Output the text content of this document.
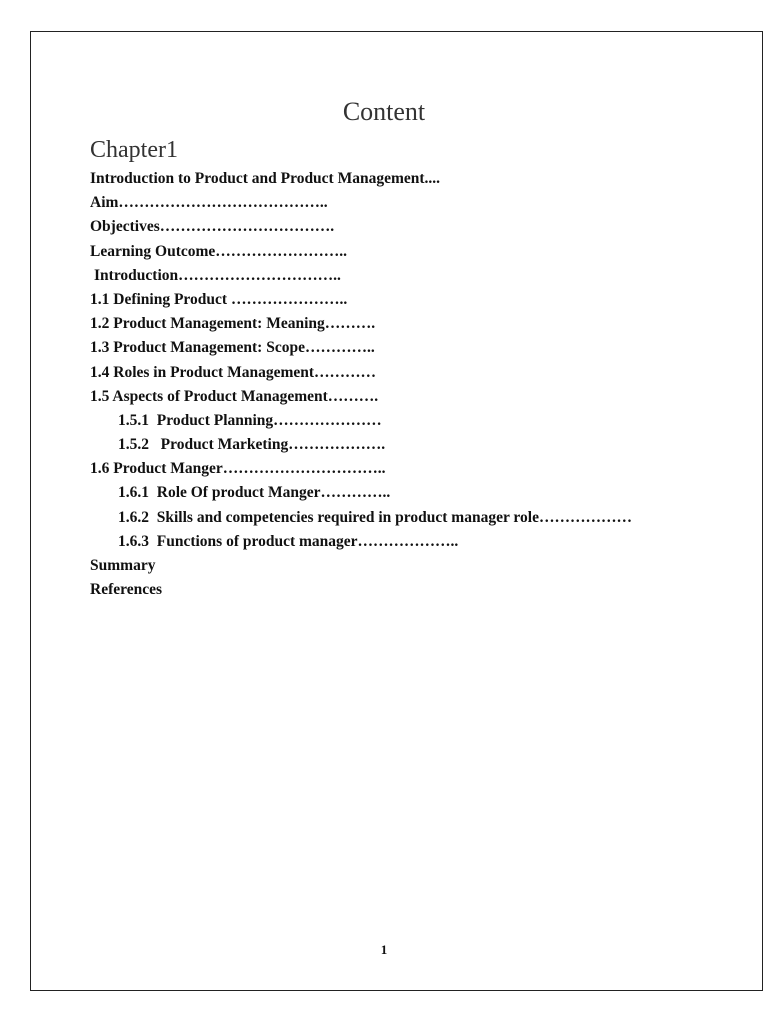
Content
Chapter1
Introduction to Product and Product Management....
Aim…………………………………..
Objectives…………………………….
Learning Outcome……………………..
Introduction…………………………..
1.1 Defining Product …………………..
1.2 Product Management: Meaning……….
1.3 Product Management: Scope…………..
1.4 Roles in Product Management…………
1.5 Aspects of Product Management……….
1.5.1  Product Planning…………………
1.5.2   Product Marketing……………….
1.6 Product Manger…………………………..
1.6.1  Role Of product Manger…………..
1.6.2  Skills and competencies required in product manager role………………
1.6.3  Functions of product manager………………..
Summary
References
1
